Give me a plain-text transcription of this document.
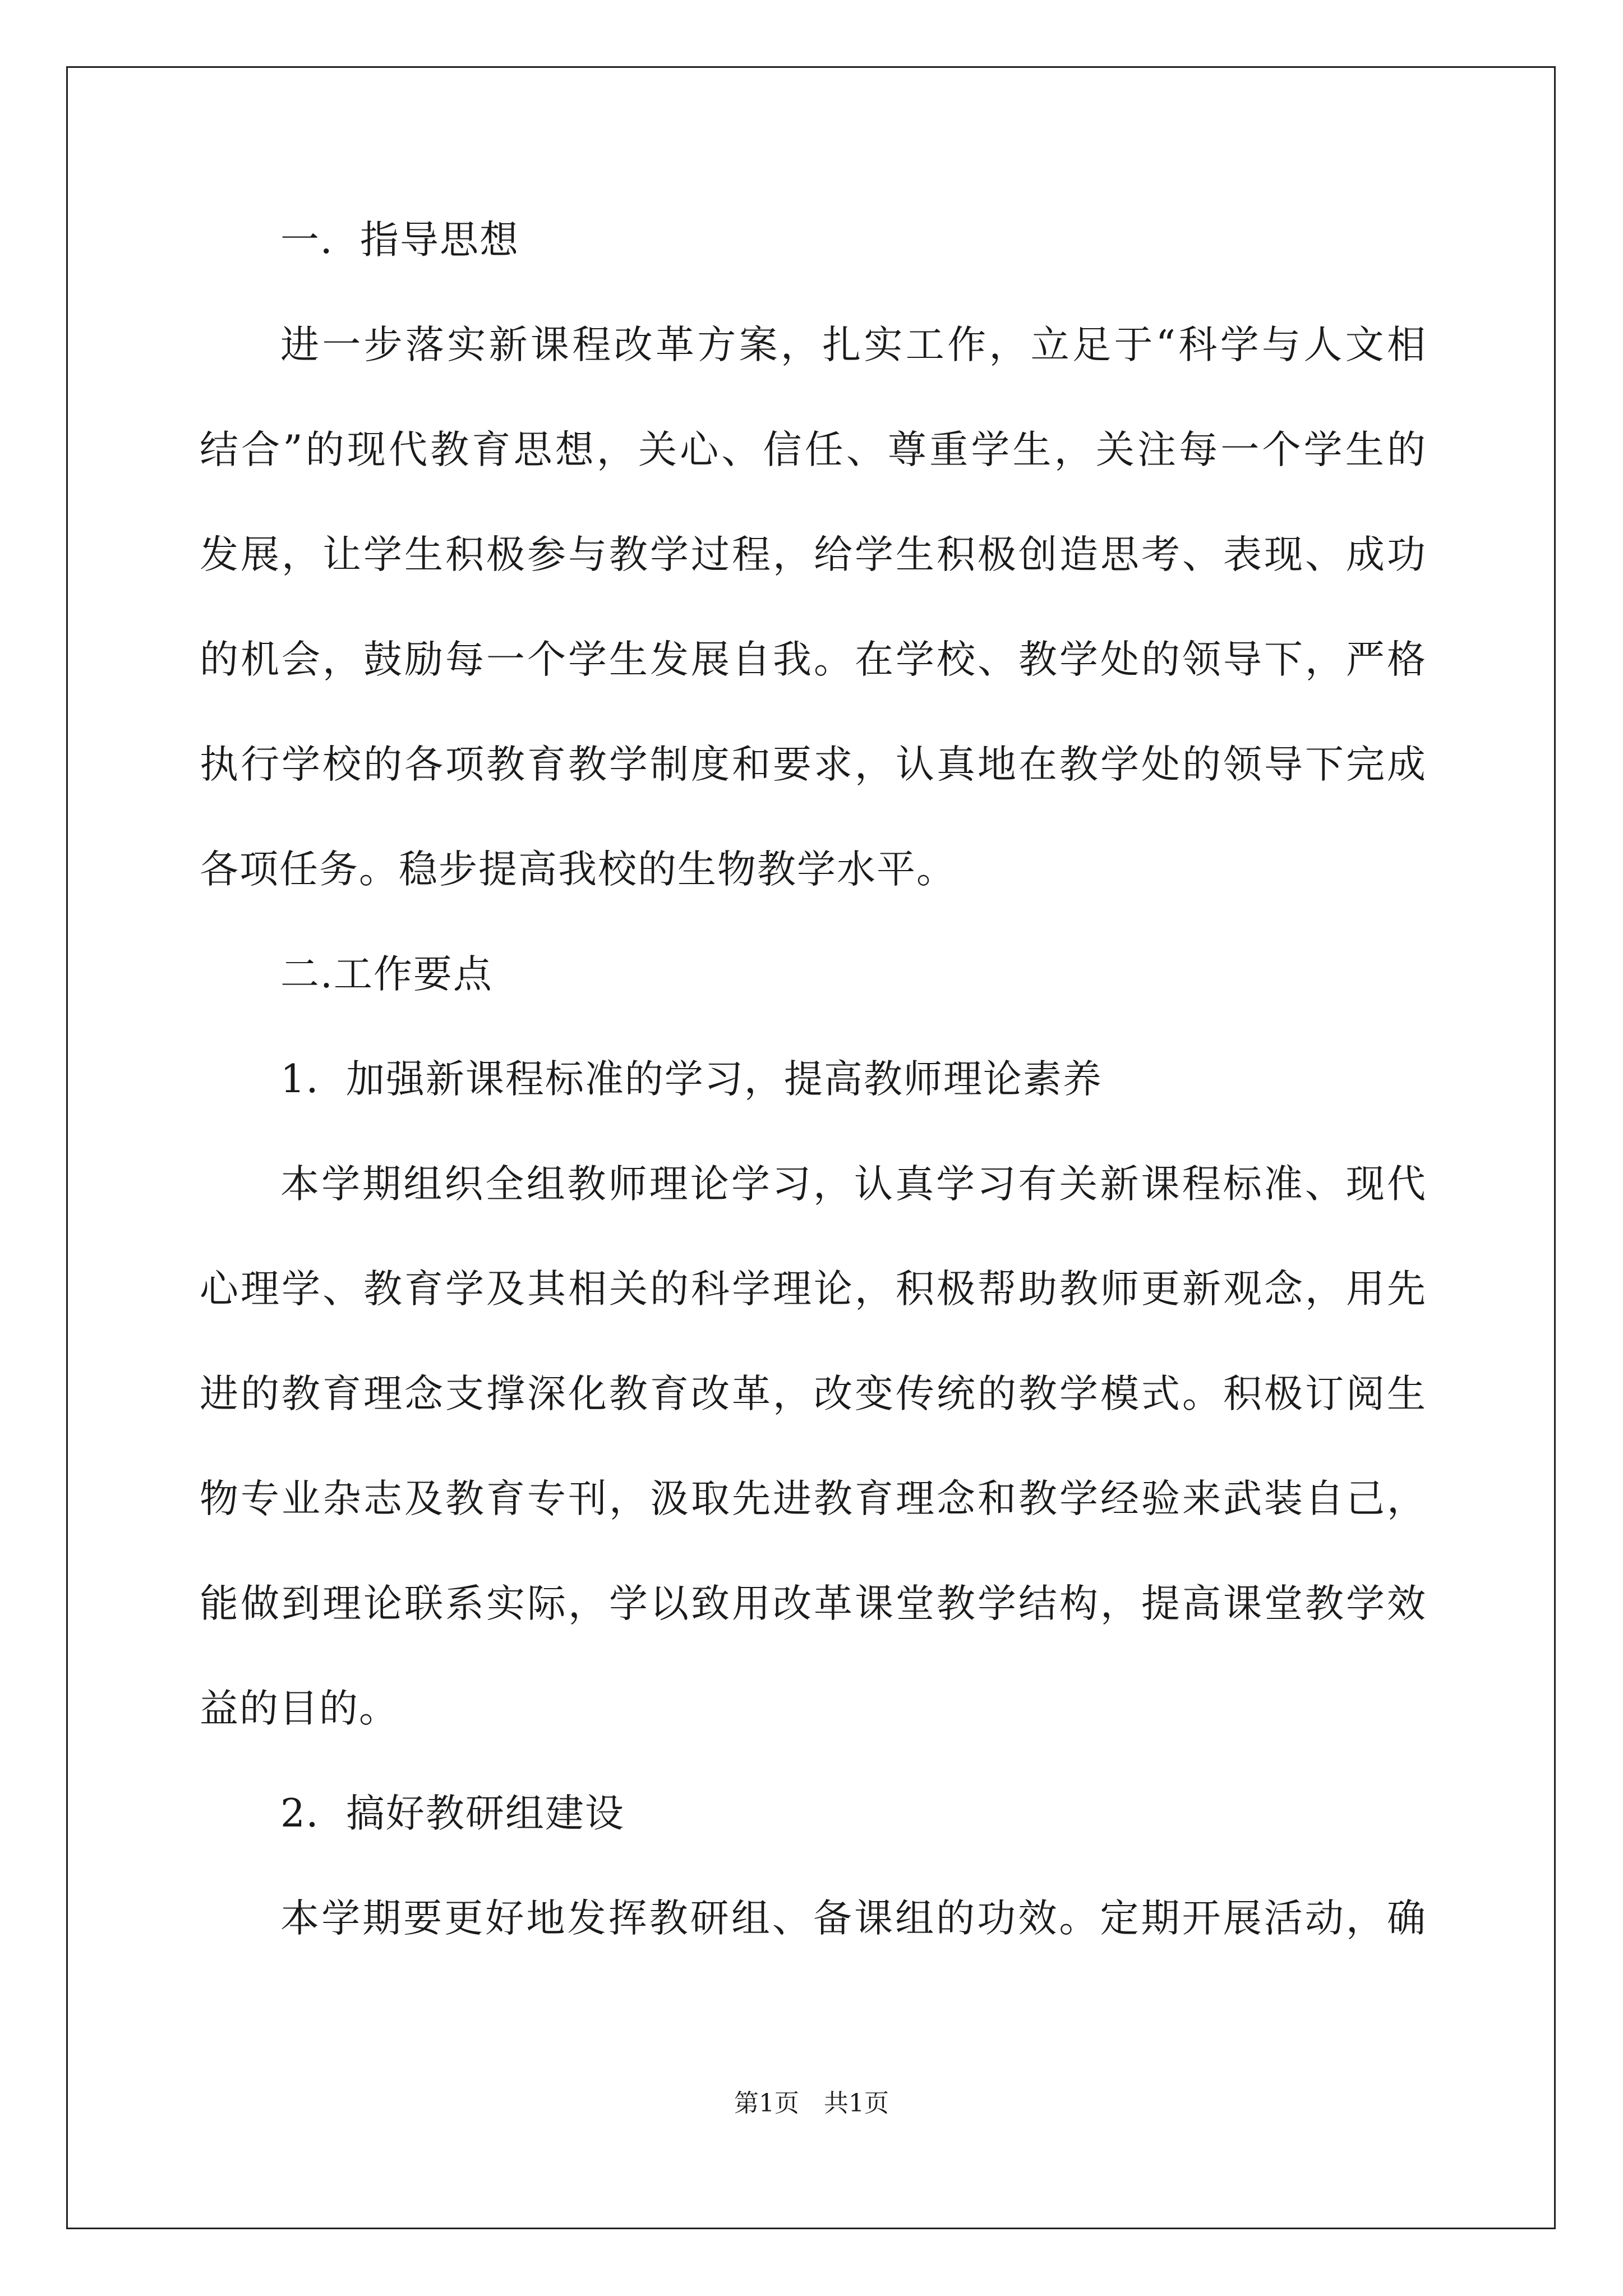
一．指导思想
进一步落实新课程改革方案，扎实工作，立足于“科学与人文相
结合”的现代教育思想，关心、信任、尊重学生，关注每一个学生的
发展，让学生积极参与教学过程，给学生积极创造思考、表现、成功
的机会，鼓励每一个学生发展自我。在学校、教学处的领导下，严格
执行学校的各项教育教学制度和要求，认真地在教学处的领导下完成
各项任务。稳步提高我校的生物教学水平。
二.工作要点
1．加强新课程标准的学习，提高教师理论素养
本学期组织全组教师理论学习，认真学习有关新课程标准、现代
心理学、教育学及其相关的科学理论，积极帮助教师更新观念，用先
进的教育理念支撑深化教育改革，改变传统的教学模式。积极订阅生
物专业杂志及教育专刊，汲取先进教育理念和教学经验来武装自己，
能做到理论联系实际，学以致用改革课堂教学结构，提高课堂教学效
益的目的。
2．搞好教研组建设
本学期要更好地发挥教研组、备课组的功效。定期开展活动，确
第1页　共1页
